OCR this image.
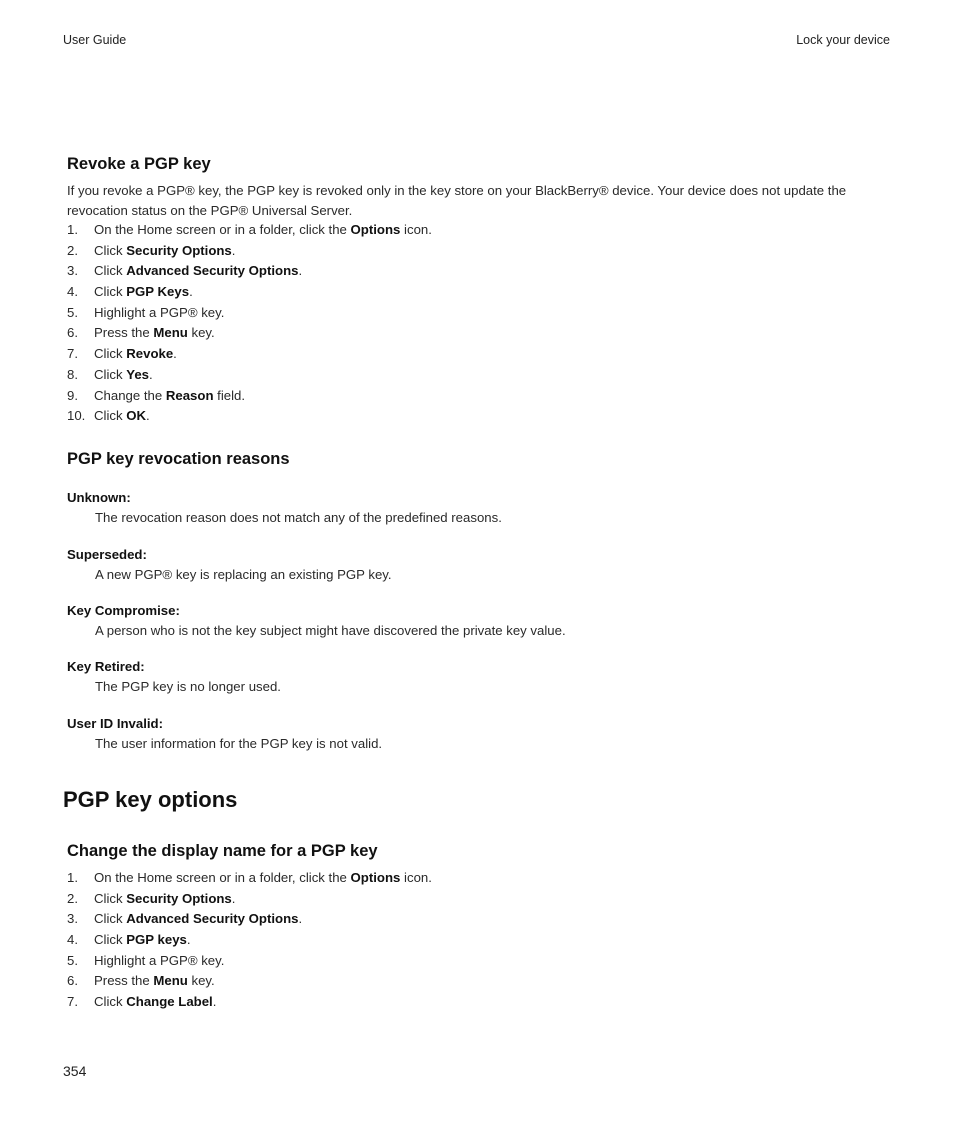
User Guide	Lock your device
Revoke a PGP key
If you revoke a PGP® key, the PGP key is revoked only in the key store on your BlackBerry® device. Your device does not update the revocation status on the PGP® Universal Server.
1. On the Home screen or in a folder, click the Options icon.
2. Click Security Options.
3. Click Advanced Security Options.
4. Click PGP Keys.
5. Highlight a PGP® key.
6. Press the Menu key.
7. Click Revoke.
8. Click Yes.
9. Change the Reason field.
10. Click OK.
PGP key revocation reasons
Unknown:
The revocation reason does not match any of the predefined reasons.
Superseded:
A new PGP® key is replacing an existing PGP key.
Key Compromise:
A person who is not the key subject might have discovered the private key value.
Key Retired:
The PGP key is no longer used.
User ID Invalid:
The user information for the PGP key is not valid.
PGP key options
Change the display name for a PGP key
1. On the Home screen or in a folder, click the Options icon.
2. Click Security Options.
3. Click Advanced Security Options.
4. Click PGP keys.
5. Highlight a PGP® key.
6. Press the Menu key.
7. Click Change Label.
354
